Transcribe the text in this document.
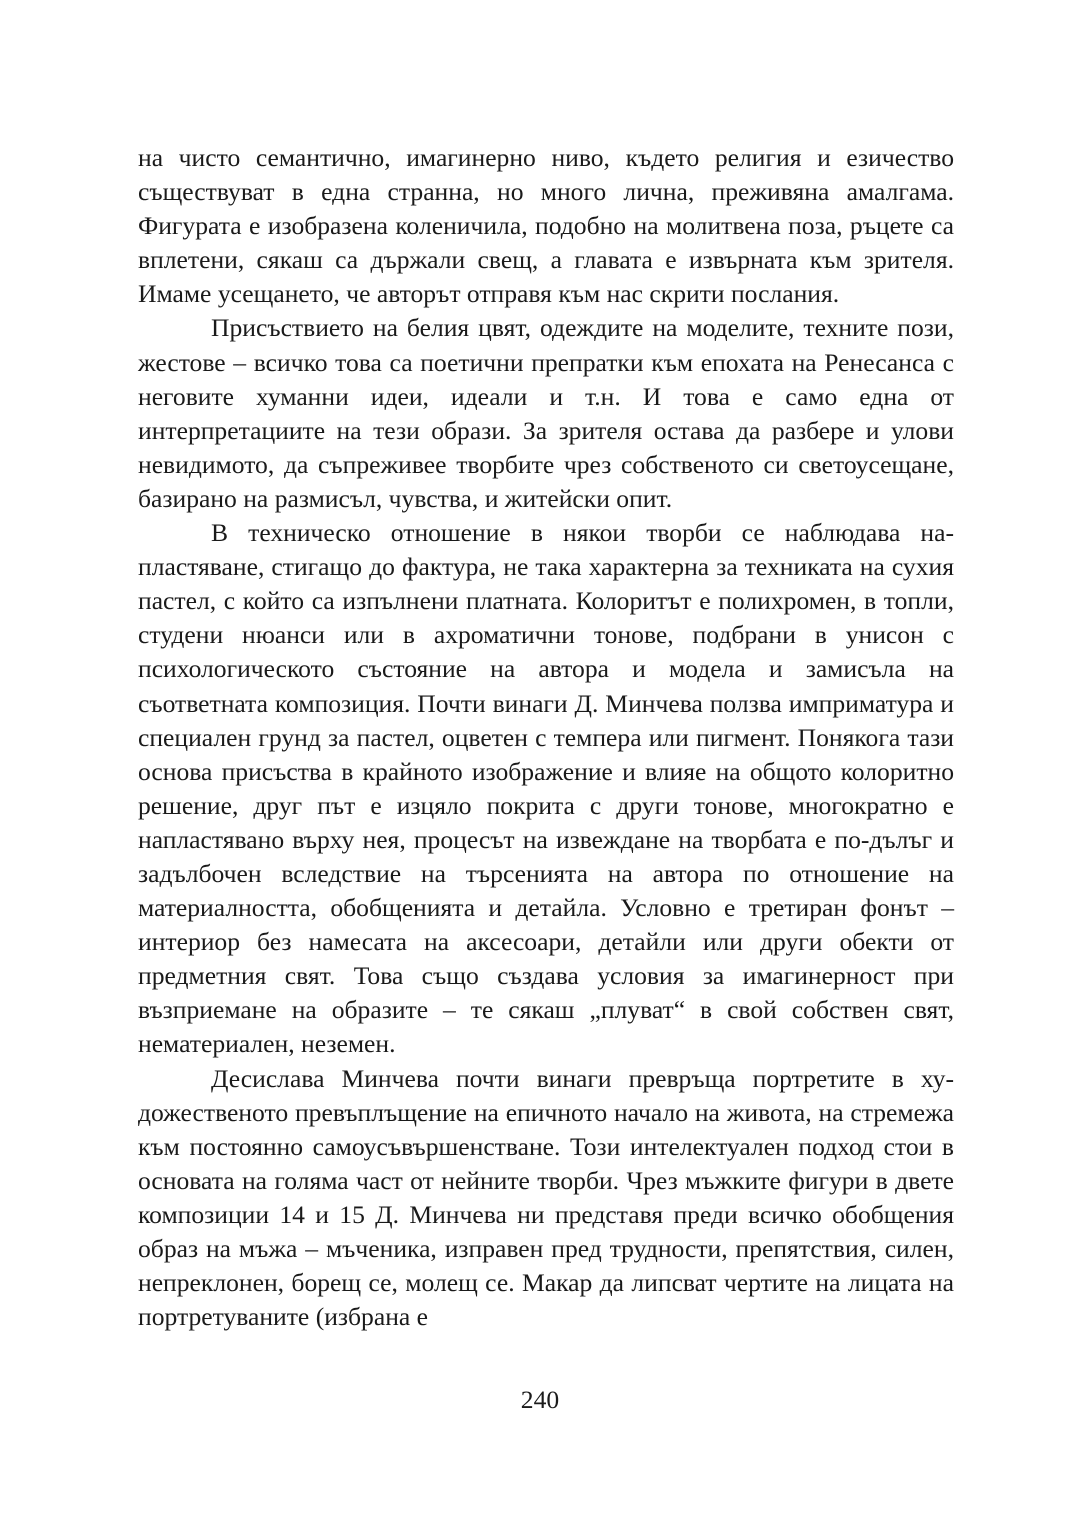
на чисто семантично, имагинерно ниво, където религия и езичество съществуват в една странна, но много лична, преживяна амалгама. Фигурата е изобразена коленичила, подобно на молитвена поза, ръцете са вплетени, сякаш са държали свещ, а главата е извърната към зрителя. Имаме усещането, че авторът отправя към нас скрити послания.

Присъствието на белия цвят, одеждите на моделите, техните пози, жестове – всичко това са поетични препратки към епохата на Ренесанса с неговите хуманни идеи, идеали и т.н. И това е само една от интерпретациите на тези образи. За зрителя остава да разбере и улови невидимото, да съпреживее творбите чрез собственото си светоусещане, базирано на размисъл, чувства, и житейски опит.

В техническо отношение в някои творби се наблюдава напластяване, стигащо до фактура, не така характерна за техниката на сухия пастел, с който са изпълнени платната. Колоритът е полихромен, в топли, студени нюанси или в ахроматични тонове, подбрани в унисон с психологическото състояние на автора и модела и замисъла на съответната композиция. Почти винаги Д. Минчева ползва имприматура и специален грунд за пастел, оцветен с темпера или пигмент. Понякога тази основа присъства в крайното изображение и влияе на общото колоритно решение, друг път е изцяло покрита с други тонове, многократно е напластявано върху нея, процесът на извеждане на творбата е по-дълъг и задълбочен вследствие на търсенията на автора по отношение на материалността, обобщенията и детайла. Условно е третиран фонът – интериор без намесата на аксесоари, детайли или други обекти от предметния свят. Това също създава условия за имагинерност при възприемане на образите – те сякаш „плуват“ в свой собствен свят, нематериален, неземен.

Десислава Минчева почти винаги превръща портретите в художественото превъплъщение на епичното начало на живота, на стремежа към постоянно самоусъвършенстване. Този интелектуален подход стои в основата на голяма част от нейните творби. Чрез мъжките фигури в двете композиции 14 и 15 Д. Минчева ни представя преди всичко обобщения образ на мъжа – мъченика, изправен пред трудности, препятствия, силен, непреклонен, борещ се, молещ се. Макар да липсват чертите на лицата на портретуваните (избрана е

240
